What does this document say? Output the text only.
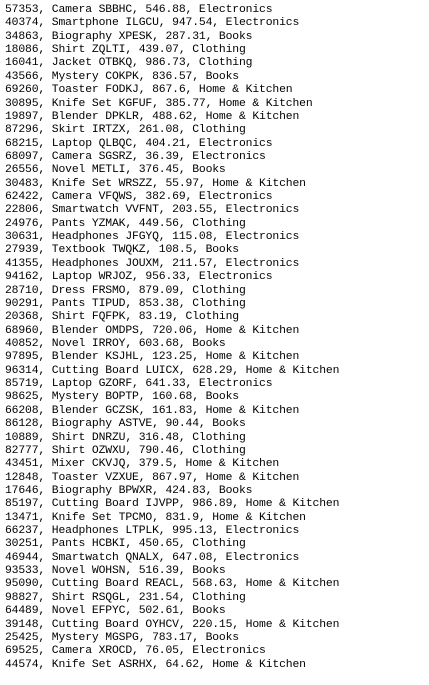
57353, Camera SBBHC, 546.88, Electronics
40374, Smartphone ILGCU, 947.54, Electronics
34863, Biography XPESK, 287.31, Books
18086, Shirt ZQLTI, 439.07, Clothing
16041, Jacket OTBKQ, 986.73, Clothing
43566, Mystery COKPK, 836.57, Books
69260, Toaster FODKJ, 867.6, Home & Kitchen
30895, Knife Set KGFUF, 385.77, Home & Kitchen
19897, Blender DPKLR, 488.62, Home & Kitchen
87296, Skirt IRTZX, 261.08, Clothing
68215, Laptop QLBQC, 404.21, Electronics
68097, Camera SGSRZ, 36.39, Electronics
26556, Novel METLI, 376.45, Books
30483, Knife Set WRSZZ, 55.97, Home & Kitchen
62422, Camera VFQWS, 382.69, Electronics
22806, Smartwatch VVFNT, 203.55, Electronics
24976, Pants YZMAK, 449.56, Clothing
30631, Headphones JFGYQ, 115.08, Electronics
27939, Textbook TWQKZ, 108.5, Books
41355, Headphones JOUXM, 211.57, Electronics
94162, Laptop WRJOZ, 956.33, Electronics
28710, Dress FRSMO, 879.09, Clothing
90291, Pants TIPUD, 853.38, Clothing
20368, Shirt FQFPK, 83.19, Clothing
68960, Blender OMDPS, 720.06, Home & Kitchen
40852, Novel IRROY, 603.68, Books
97895, Blender KSJHL, 123.25, Home & Kitchen
96314, Cutting Board LUICX, 628.29, Home & Kitchen
85719, Laptop GZORF, 641.33, Electronics
98625, Mystery BOPTP, 160.68, Books
66208, Blender GCZSK, 161.83, Home & Kitchen
86128, Biography ASTVE, 90.44, Books
10889, Shirt DNRZU, 316.48, Clothing
82777, Shirt OZWXU, 790.46, Clothing
43451, Mixer CKVJQ, 379.5, Home & Kitchen
12848, Toaster VZXUE, 867.97, Home & Kitchen
17646, Biography BPWXR, 424.83, Books
85197, Cutting Board IJVPP, 986.89, Home & Kitchen
13471, Knife Set TPCMO, 831.9, Home & Kitchen
66237, Headphones LTPLK, 995.13, Electronics
30251, Pants HCBKI, 450.65, Clothing
46944, Smartwatch QNALX, 647.08, Electronics
93533, Novel WOHSN, 516.39, Books
95090, Cutting Board REACL, 568.63, Home & Kitchen
98827, Shirt RSQGL, 231.54, Clothing
64489, Novel EFPYC, 502.61, Books
39148, Cutting Board OYHCV, 220.15, Home & Kitchen
25425, Mystery MGSPG, 783.17, Books
69525, Camera XROCD, 76.05, Electronics
44574, Knife Set ASRHX, 64.62, Home & Kitchen
